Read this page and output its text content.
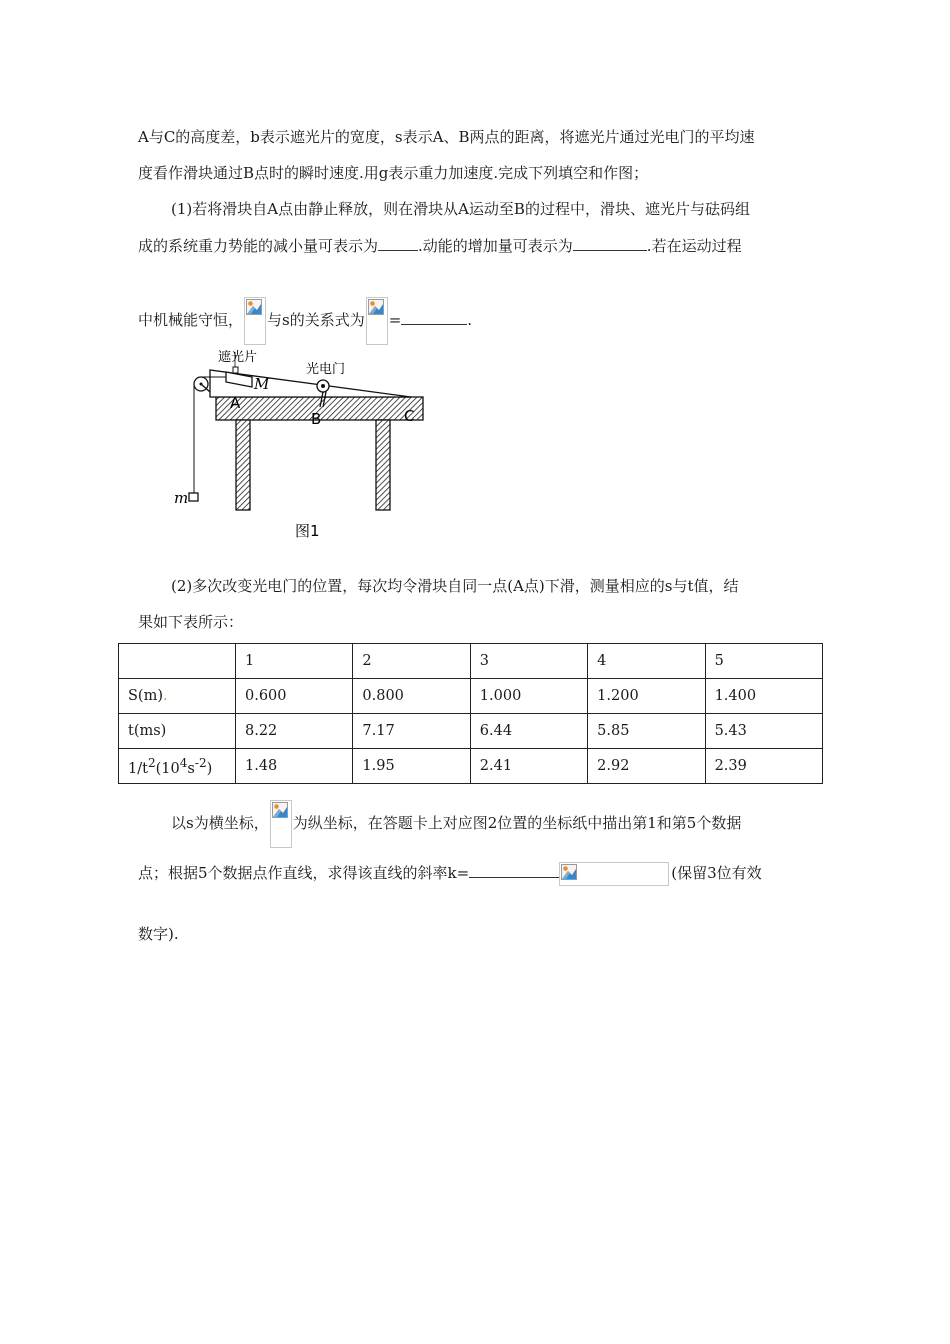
A与C的高度差，b表示遮光片的宽度，s表示A、B两点的距离，将遮光片通过光电门的平均速
度看作滑块通过B点时的瞬时速度.用g表示重力加速度.完成下列填空和作图；
(1)若将滑块自A点由静止释放，则在滑块从A运动至B的过程中，滑块、遮光片与砝码组
成的系统重力势能的减小量可表示为	.动能的增加量可表示为	.若在运动过程
中机械能守恒， 与s的关系式为 =	.
遮光片
光电门
M
A
B	C
m
图1
(2)多次改变光电门的位置，每次均令滑块自同一点(A点)下滑，测量相应的s与t值，结
果如下表所示：
	1	2	3	4	5
S(m).	0.600	0.800	1.000	1.200	1.400
t(ms)	8.22	7.17	6.44	5.85	5.43
$1/t^2(10^4s^{-2})$	1.48	1.95	2.41	2.92	2.39
以s为横坐标， 为纵坐标，在答题卡上对应图2位置的坐标纸中描出第1和第5个数据
点；根据5个数据点作直线，求得该直线的斜率k=	(保留3位有效
数字).
